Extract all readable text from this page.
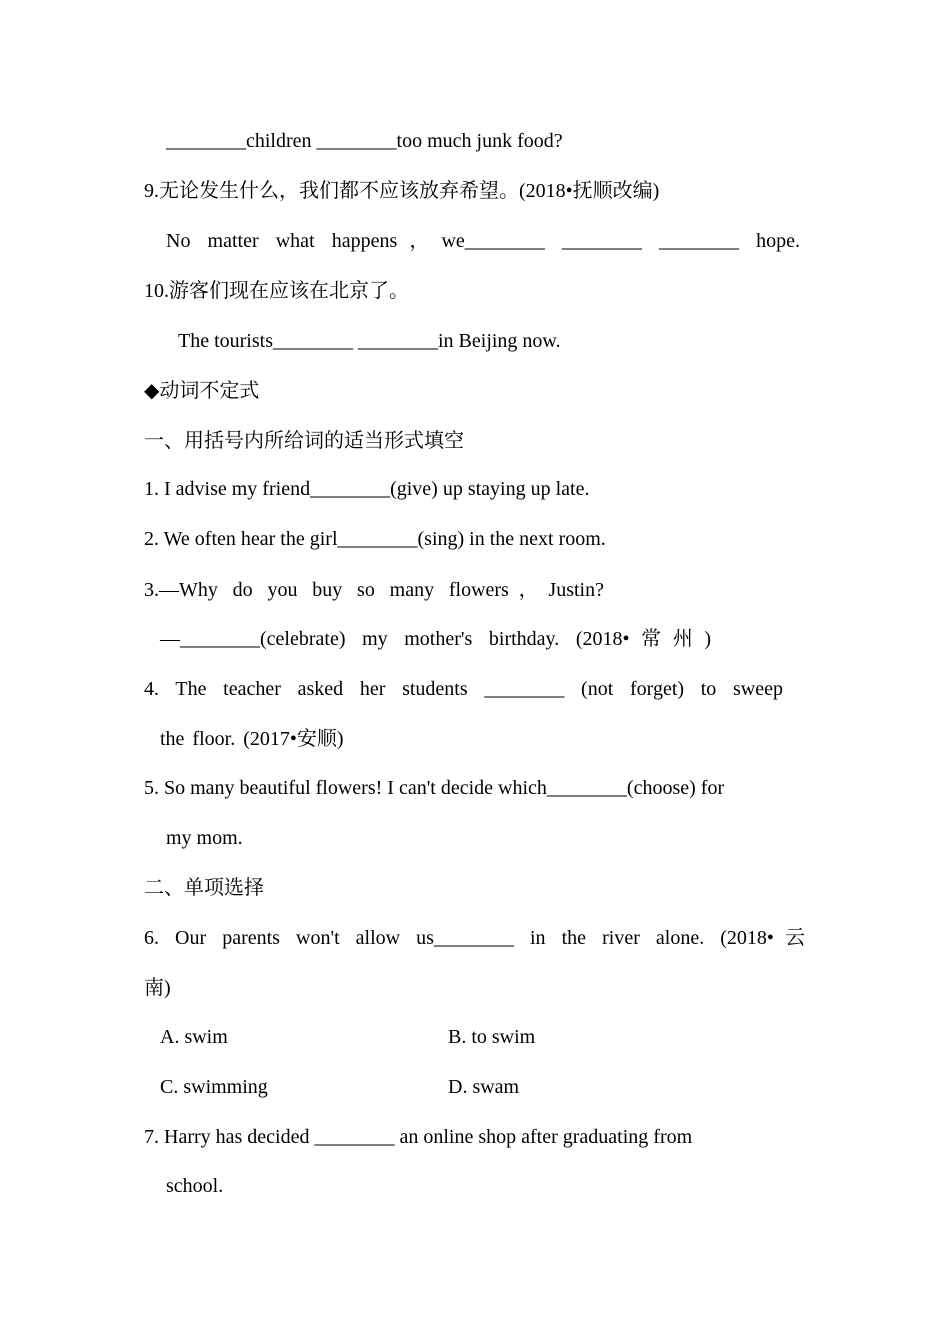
________children ________too much junk food?
9.无论发生什么，我们都不应该放弃希望。(2018•抚顺改编)
No matter what happens，we________ ________ ________ hope.
10.游客们现在应该在北京了。
The tourists________ ________in Beijing now.
◆动词不定式
一、用括号内所给词的适当形式填空
1. I advise my friend________(give) up staying up late.
2. We often hear the girl________(sing) in the next room.
3.—Why do you buy so many flowers，Justin?
—________(celebrate) my mother's birthday. (2018•常州)
4. The teacher asked her students ________ (not forget) to sweep
the floor. (2017•安顺)
5. So many beautiful flowers! I can't decide which________(choose) for
my mom.
二、单项选择
6. Our parents won't allow us________ in the river alone. (2018•云
南)
A. swim	B. to swim
C. swimming	D. swam
7. Harry has decided ________ an online shop after graduating from
school.
